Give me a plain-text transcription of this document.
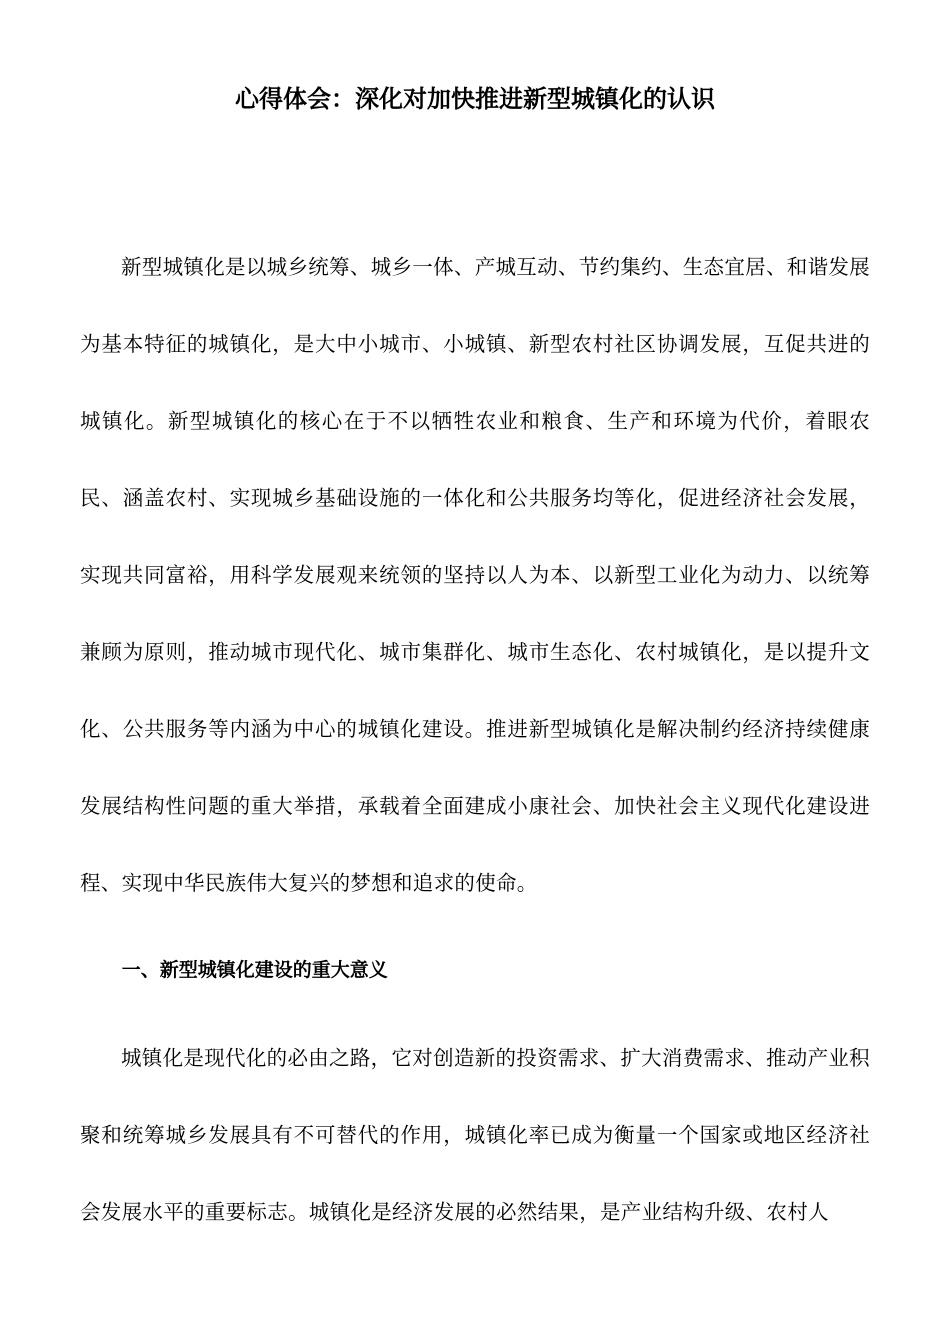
心得体会：深化对加快推进新型城镇化的认识

新型城镇化是以城乡统筹、城乡一体、产城互动、节约集约、生态宜居、和谐发展为基本特征的城镇化，是大中小城市、小城镇、新型农村社区协调发展，互促共进的城镇化。新型城镇化的核心在于不以牺牲农业和粮食、生产和环境为代价，着眼农民、涵盖农村、实现城乡基础设施的一体化和公共服务均等化，促进经济社会发展，实现共同富裕，用科学发展观来统领的坚持以人为本、以新型工业化为动力、以统筹兼顾为原则，推动城市现代化、城市集群化、城市生态化、农村城镇化，是以提升文化、公共服务等内涵为中心的城镇化建设。推进新型城镇化是解决制约经济持续健康发展结构性问题的重大举措，承载着全面建成小康社会、加快社会主义现代化建设进程、实现中华民族伟大复兴的梦想和追求的使命。

一、新型城镇化建设的重大意义

城镇化是现代化的必由之路，它对创造新的投资需求、扩大消费需求、推动产业积聚和统筹城乡发展具有不可替代的作用，城镇化率已成为衡量一个国家或地区经济社会发展水平的重要标志。城镇化是经济发展的必然结果，是产业结构升级、农村人
